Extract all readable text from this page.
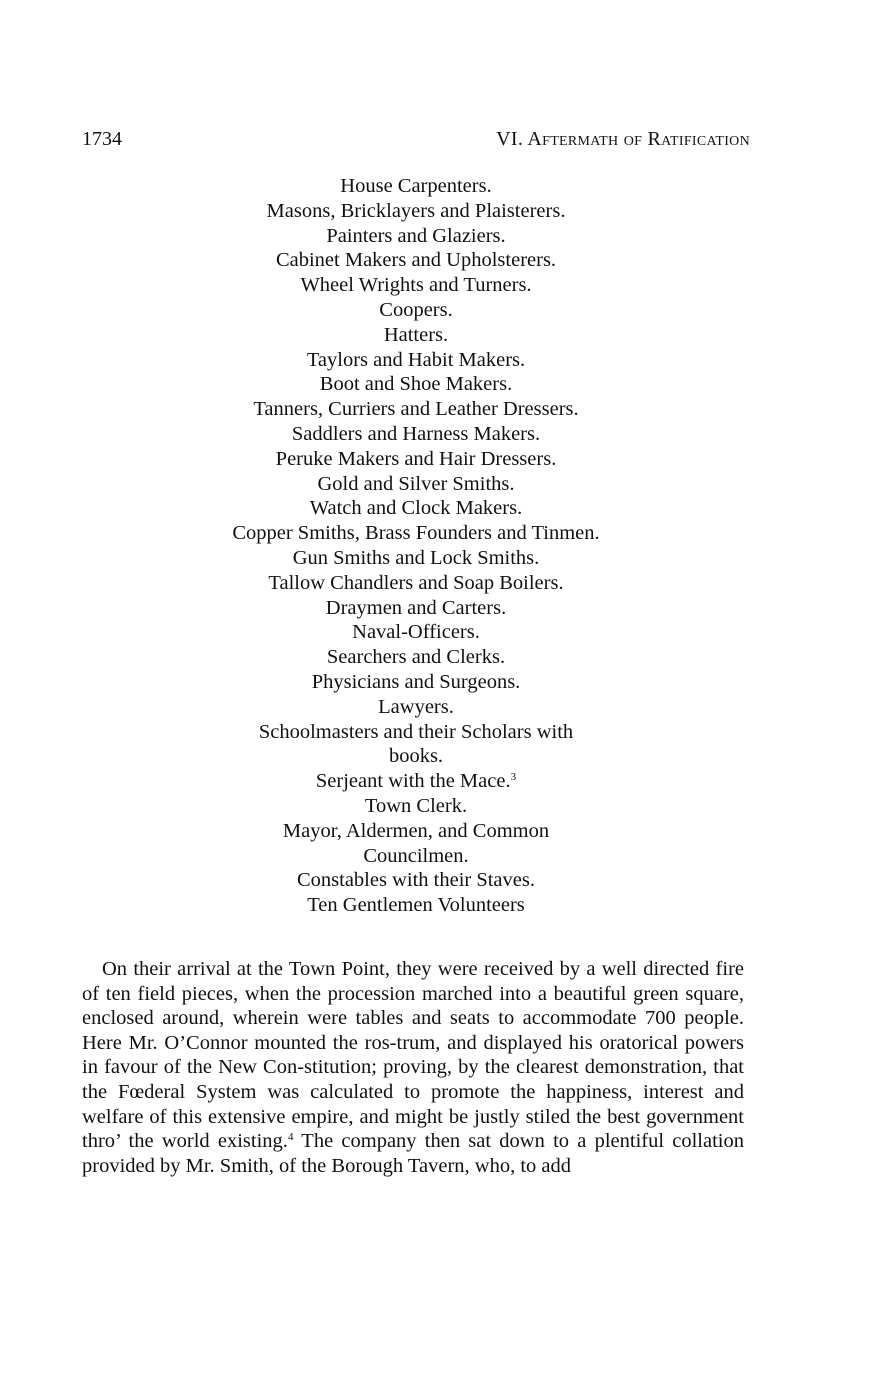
1734	VI. Aftermath of Ratification
House Carpenters.
Masons, Bricklayers and Plaisterers.
Painters and Glaziers.
Cabinet Makers and Upholsterers.
Wheel Wrights and Turners.
Coopers.
Hatters.
Taylors and Habit Makers.
Boot and Shoe Makers.
Tanners, Curriers and Leather Dressers.
Saddlers and Harness Makers.
Peruke Makers and Hair Dressers.
Gold and Silver Smiths.
Watch and Clock Makers.
Copper Smiths, Brass Founders and Tinmen.
Gun Smiths and Lock Smiths.
Tallow Chandlers and Soap Boilers.
Draymen and Carters.
Naval-Officers.
Searchers and Clerks.
Physicians and Surgeons.
Lawyers.
Schoolmasters and their Scholars with books.
Serjeant with the Mace.$^3$
Town Clerk.
Mayor, Aldermen, and Common Councilmen.
Constables with their Staves.
Ten Gentlemen Volunteers

On their arrival at the Town Point, they were received by a well directed fire of ten field pieces, when the procession marched into a beautiful green square, enclosed around, wherein were tables and seats to accommodate 700 people. Here Mr. O’Connor mounted the ros-trum, and displayed his oratorical powers in favour of the New Con-stitution; proving, by the clearest demonstration, that the Fœderal System was calculated to promote the happiness, interest and welfare of this extensive empire, and might be justly stiled the best government thro’ the world existing.$^4$ The company then sat down to a plentiful collation provided by Mr. Smith, of the Borough Tavern, who, to add
